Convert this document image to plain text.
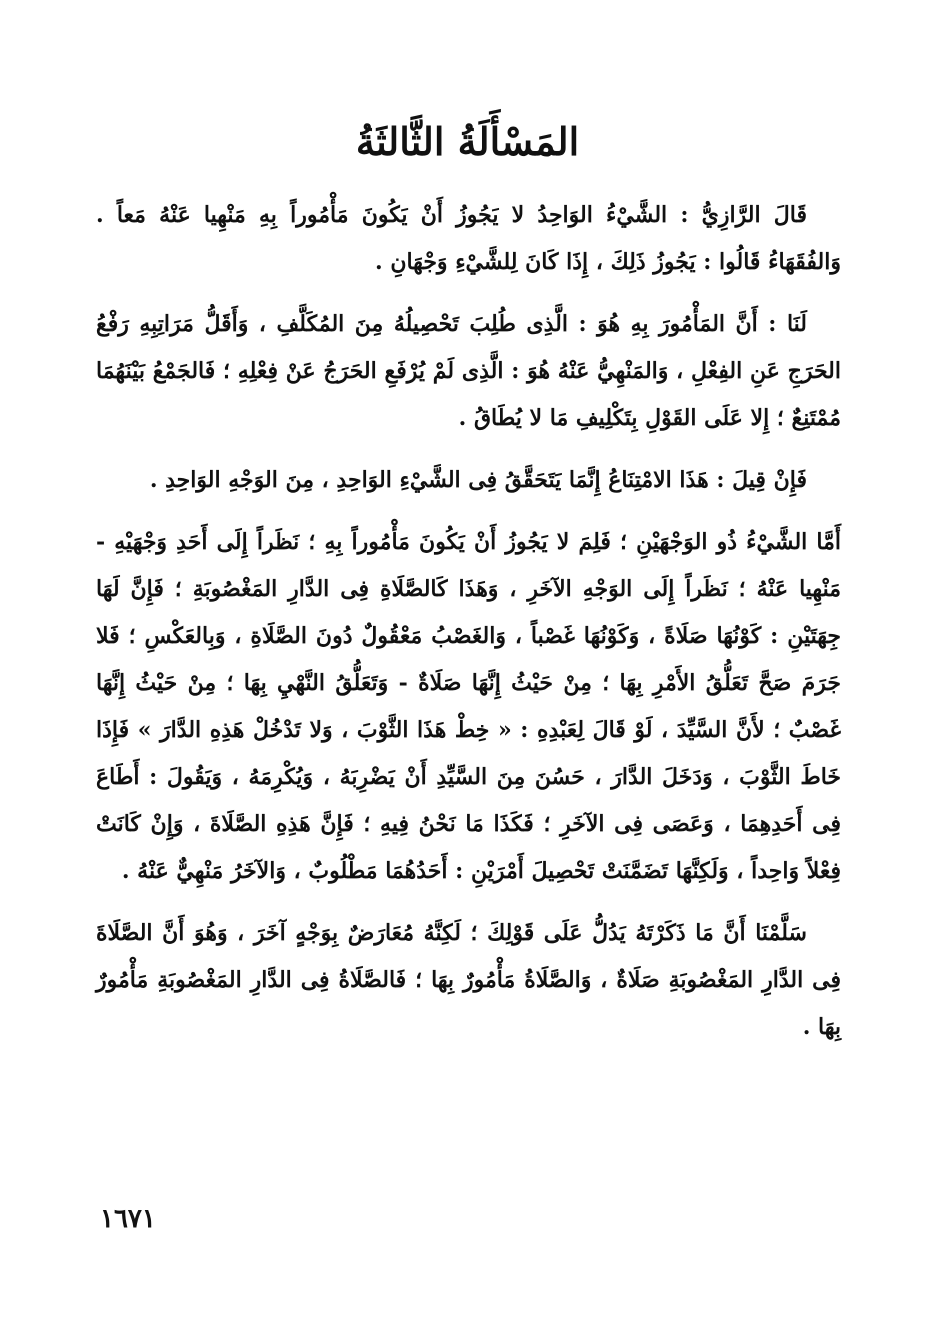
المَسْأَلَةُ الثَّالثَةُ

قَالَ الرَّازِيُّ : الشَّيْءُ الوَاحِدُ لا يَجُوزُ أَنْ يَكُونَ مَأْمُوراً بِهِ مَنْهِيا عَنْهُ مَعاً . وَالفُقَهَاءُ قَالُوا : يَجُوزُ ذَلِكَ ، إِذَا كَانَ لِلشَّيْءِ وَجْهَانِ .

لَنَا : أَنَّ المَأْمُورَ بِهِ هُوَ : الَّذِى طُلِبَ تَحْصِيلُهُ مِنَ المُكَلَّفِ ، وَأَقَلُّ مَرَاتِبِهِ رَفْعُ الحَرَجِ عَنِ الفِعْلِ ، وَالمَنْهِيُّ عَنْهُ هُوَ : الَّذِى لَمْ يُرْفَعِ الحَرَجُ عَنْ فِعْلِهِ ؛ فَالجَمْعُ بَيْنَهُمَا مُمْتَنِعٌ ؛ إِلا عَلَى القَوْلِ بِتَكْلِيفِ مَا لا يُطَاقُ .

فَإِنْ قِيلَ : هَذَا الامْتِنَاعُ إِنَّمَا يَتَحَقَّقُ فِى الشَّيْءِ الوَاحِدِ ، مِنَ الوَجْهِ الوَاحِدِ .

أَمَّا الشَّيْءُ ذُو الوَجْهَيْنِ ؛ فَلِمَ لا يَجُوزُ أَنْ يَكُونَ مَأْمُوراً بِهِ ؛ نَظَراً إِلَى أَحَدِ وَجْهَيْهِ - مَنْهِيا عَنْهُ ؛ نَظَراً إِلَى الوَجْهِ الآخَرِ ، وَهَذَا كَالصَّلَاةِ فِى الدَّارِ المَغْصُوبَةِ ؛ فَإِنَّ لَهَا جِهَتَيْنِ : كَوْنُهَا صَلَاةً ، وَكَوْنُهَا غَصْباً ، وَالغَصْبُ مَعْقُولٌ دُونَ الصَّلَاةِ ، وَبِالعَكْسِ ؛ فَلا جَرَمَ صَحَّ تَعَلُّقُ الأَمْرِ بِهَا ؛ مِنْ حَيْثُ إِنَّهَا صَلَاةٌ - وَتَعَلُّقُ النَّهْيِ بِهَا ؛ مِنْ حَيْثُ إِنَّهَا غَصْبٌ ؛ لأَنَّ السَّيِّدَ ، لَوْ قَالَ لِعَبْدِهِ : « خِطْ هَذَا الثَّوْبَ ، وَلا تَدْخُلْ هَذِهِ الدَّارَ » فَإِذَا خَاطَ الثَّوْبَ ، وَدَخَلَ الدَّارَ ، حَسُنَ مِنَ السَّيِّدِ أَنْ يَضْرِبَهُ ، وَيُكْرِمَهُ ، وَيَقُولَ : أَطَاعَ فِى أَحَدِهِمَا ، وَعَصَى فِى الآخَرِ ؛ فَكَذَا مَا نَحْنُ فِيهِ ؛ فَإِنَّ هَذِهِ الصَّلَاةَ ، وَإِنْ كَانَتْ فِعْلاً وَاحِداً ، وَلَكِنَّهَا تَضَمَّنَتْ تَحْصِيلَ أَمْرَيْنِ : أَحَدُهُمَا مَطْلُوبٌ ، وَالآخَرُ مَنْهِيٌّ عَنْهُ .

سَلَّمْنَا أَنَّ مَا ذَكَرْتَهُ يَدُلُّ عَلَى قَوْلِكَ ؛ لَكِنَّهُ مُعَارَضٌ بِوَجْهٍ آخَرَ ، وَهُوَ أَنَّ الصَّلَاةَ فِى الدَّارِ المَغْصُوبَةِ صَلَاةٌ ، وَالصَّلَاةُ مَأْمُورٌ بِهَا ؛ فَالصَّلَاةُ فِى الدَّارِ المَغْصُوبَةِ مَأْمُورٌ بِهَا .

١٦٧١
